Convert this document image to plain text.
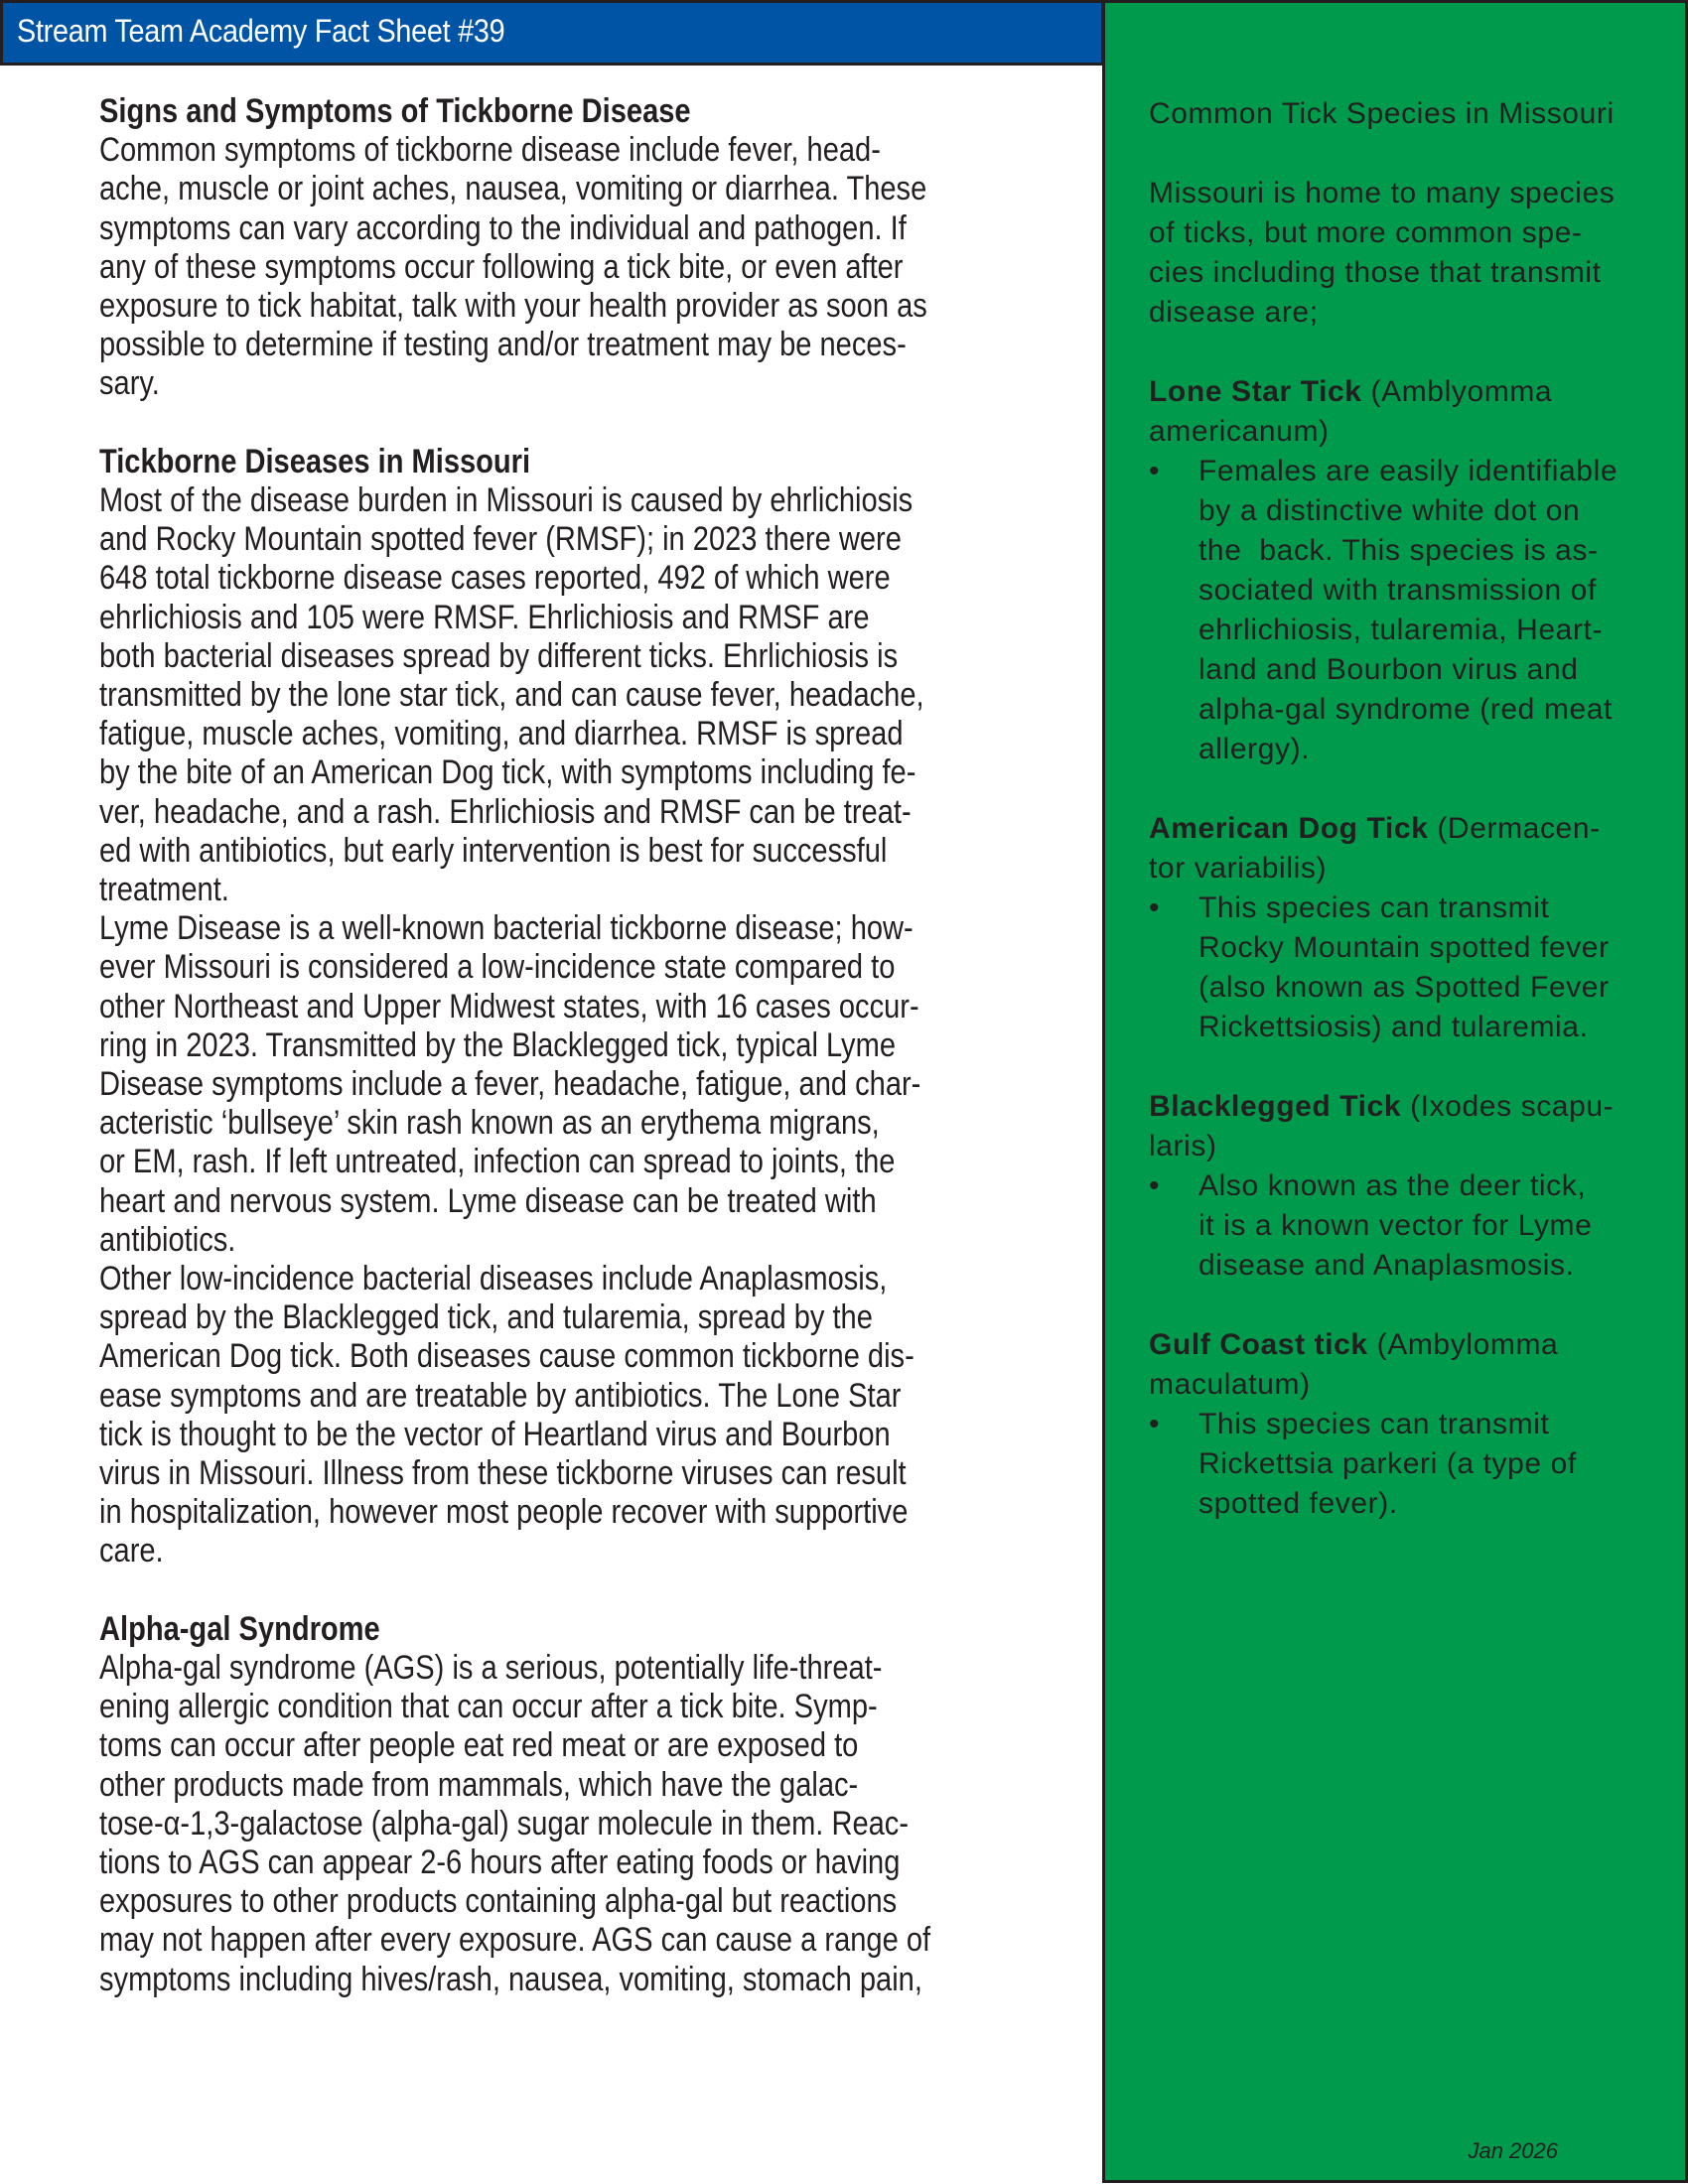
Stream Team Academy Fact Sheet #39
Signs and Symptoms of Tickborne Disease
Common symptoms of tickborne disease include fever, head-
ache, muscle or joint aches, nausea, vomiting or diarrhea. These
symptoms can vary according to the individual and pathogen. If
any of these symptoms occur following a tick bite, or even after
exposure to tick habitat, talk with your health provider as soon as
possible to determine if testing and/or treatment may be neces-
sary.
Tickborne Diseases in Missouri
Most of the disease burden in Missouri is caused by ehrlichiosis
and Rocky Mountain spotted fever (RMSF); in 2023 there were
648 total tickborne disease cases reported, 492 of which were
ehrlichiosis and 105 were RMSF. Ehrlichiosis and RMSF are
both bacterial diseases spread by different ticks. Ehrlichiosis is
transmitted by the lone star tick, and can cause fever, headache,
fatigue, muscle aches, vomiting, and diarrhea. RMSF is spread
by the bite of an American Dog tick, with symptoms including fe-
ver, headache, and a rash. Ehrlichiosis and RMSF can be treat-
ed with antibiotics, but early intervention is best for successful
treatment.
Lyme Disease is a well-known bacterial tickborne disease; how-
ever Missouri is considered a low-incidence state compared to
other Northeast and Upper Midwest states, with 16 cases occur-
ring in 2023. Transmitted by the Blacklegged tick, typical Lyme
Disease symptoms include a fever, headache, fatigue, and char-
acteristic ‘bullseye’ skin rash known as an erythema migrans,
or EM, rash. If left untreated, infection can spread to joints, the
heart and nervous system. Lyme disease can be treated with
antibiotics.
Other low-incidence bacterial diseases include Anaplasmosis,
spread by the Blacklegged tick, and tularemia, spread by the
American Dog tick. Both diseases cause common tickborne dis-
ease symptoms and are treatable by antibiotics. The Lone Star
tick is thought to be the vector of Heartland virus and Bourbon
virus in Missouri. Illness from these tickborne viruses can result
in hospitalization, however most people recover with supportive
care.
Alpha-gal Syndrome
Alpha-gal syndrome (AGS) is a serious, potentially life-threat-
ening allergic condition that can occur after a tick bite. Symp-
toms can occur after people eat red meat or are exposed to
other products made from mammals, which have the galac-
tose-α-1,3-galactose (alpha-gal) sugar molecule in them. Reac-
tions to AGS can appear 2-6 hours after eating foods or having
exposures to other products containing alpha-gal but reactions
may not happen after every exposure. AGS can cause a range of
symptoms including hives/rash, nausea, vomiting, stomach pain,
Common Tick Species in Missouri
Missouri is home to many species
of ticks, but more common spe-
cies including those that transmit
disease are;
Lone Star Tick (Amblyomma
americanum)
• Females are easily identifiable
by a distinctive white dot on
the  back. This species is as-
sociated with transmission of
ehrlichiosis, tularemia, Heart-
land and Bourbon virus and
alpha-gal syndrome (red meat
allergy).
American Dog Tick (Dermacen-
tor variabilis)
• This species can transmit
Rocky Mountain spotted fever
(also known as Spotted Fever
Rickettsiosis) and tularemia.
Blacklegged Tick (Ixodes scapu-
laris)
• Also known as the deer tick,
it is a known vector for Lyme
disease and Anaplasmosis.
Gulf Coast tick (Ambylomma
maculatum)
• This species can transmit
Rickettsia parkeri (a type of
spotted fever).
Jan 2026
